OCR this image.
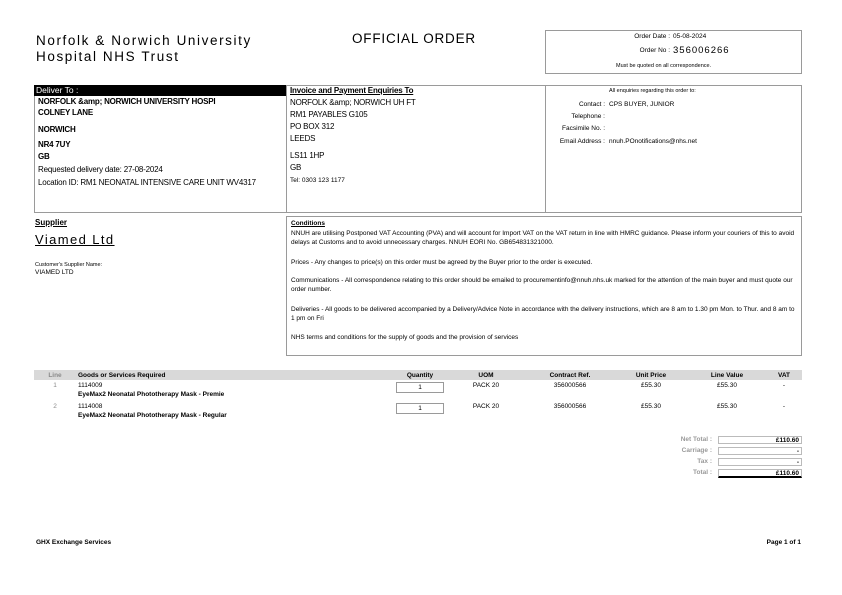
Norfolk & Norwich University
Hospital NHS Trust
OFFICIAL ORDER	Order Date : 05-08-2024
Order No : 356006266
Must be quoted on all correspondence.
Deliver To :
NORFOLK &amp; NORWICH UNIVERSITY HOSPI
COLNEY LANE
NORWICH
NR4 7UY
GB
Requested delivery date: 27-08-2024
Location ID: RM1 NEONATAL INTENSIVE CARE UNIT WV4317
Invoice and Payment Enquiries To
NORFOLK &amp; NORWICH UH FT
RM1 PAYABLES G105
PO BOX 312
LEEDS
LS11 1HP
GB
Tel: 0303 123 1177
All enquiries regarding this order to:
Contact : CPS BUYER, JUNIOR
Telephone :
Facsimile No. :
Email Address : nnuh.POnotifications@nhs.net
Supplier
Viamed Ltd
Customer's Supplier Name:
VIAMED LTD
Conditions
NNUH are utilising Postponed VAT Accounting (PVA) and will account for Import VAT on the VAT return in line with HMRC guidance. Please inform your couriers of this to avoid delays at Customs and to avoid unnecessary charges. NNUH EORI No. GB654831321000.
Prices - Any changes to price(s) on this order must be agreed by the Buyer prior to the order is executed.
Communications - All correspondence relating to this order should be emailed to procurementinfo@nnuh.nhs.uk marked for the attention of the main buyer and must quote our order number.
Deliveries - All goods to be delivered accompanied by a Delivery/Advice Note in accordance with the delivery instructions, which are 8 am to 1.30 pm Mon. to Thur. and 8 am to 1 pm on Fri
NHS terms and conditions for the supply of goods and the provision of services
Line	Goods or Services Required	Quantity	UOM	Contract Ref.	Unit Price	Line Value	VAT
1	1114009
EyeMax2 Neonatal Phototherapy Mask - Premie	1	PACK 20	356000566	£55.30	£55.30	-
2	1114008
EyeMax2 Neonatal Phototherapy Mask - Regular	1	PACK 20	356000566	£55.30	£55.30	-
Net Total :	£110.60
Carriage :	-
Tax :	-
Total :	£110.60
GHX Exchange Services	Page 1 of 1
